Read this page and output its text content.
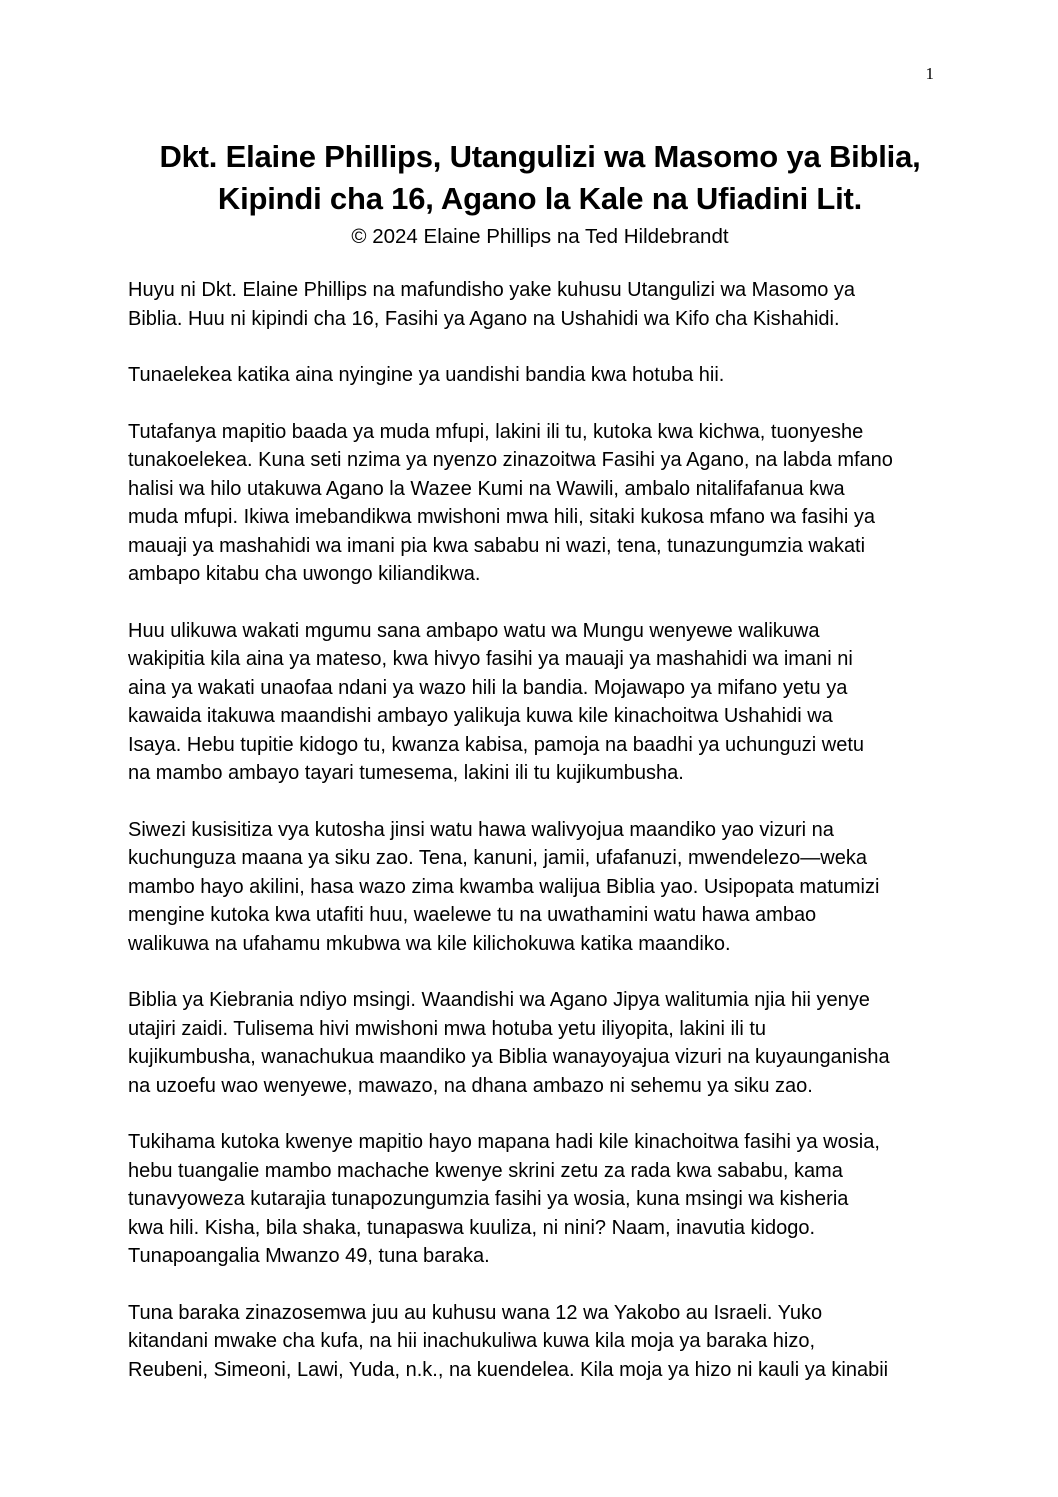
1
Dkt. Elaine Phillips, Utangulizi wa Masomo ya Biblia,
Kipindi cha 16, Agano la Kale na Ufiadini Lit.
© 2024 Elaine Phillips na Ted Hildebrandt

Huyu ni Dkt. Elaine Phillips na mafundisho yake kuhusu Utangulizi wa Masomo ya
Biblia. Huu ni kipindi cha 16, Fasihi ya Agano na Ushahidi wa Kifo cha Kishahidi.

Tunaelekea katika aina nyingine ya uandishi bandia kwa hotuba hii.

Tutafanya mapitio baada ya muda mfupi, lakini ili tu, kutoka kwa kichwa, tuonyeshe
tunakoelekea. Kuna seti nzima ya nyenzo zinazoitwa Fasihi ya Agano, na labda mfano
halisi wa hilo utakuwa Agano la Wazee Kumi na Wawili, ambalo nitalifafanua kwa
muda mfupi. Ikiwa imebandikwa mwishoni mwa hili, sitaki kukosa mfano wa fasihi ya
mauaji ya mashahidi wa imani pia kwa sababu ni wazi, tena, tunazungumzia wakati
ambapo kitabu cha uwongo kiliandikwa.

Huu ulikuwa wakati mgumu sana ambapo watu wa Mungu wenyewe walikuwa
wakipitia kila aina ya mateso, kwa hivyo fasihi ya mauaji ya mashahidi wa imani ni
aina ya wakati unaofaa ndani ya wazo hili la bandia. Mojawapo ya mifano yetu ya
kawaida itakuwa maandishi ambayo yalikuja kuwa kile kinachoitwa Ushahidi wa
Isaya. Hebu tupitie kidogo tu, kwanza kabisa, pamoja na baadhi ya uchunguzi wetu
na mambo ambayo tayari tumesema, lakini ili tu kujikumbusha.

Siwezi kusisitiza vya kutosha jinsi watu hawa walivyojua maandiko yao vizuri na
kuchunguza maana ya siku zao. Tena, kanuni, jamii, ufafanuzi, mwendelezo—weka
mambo hayo akilini, hasa wazo zima kwamba walijua Biblia yao. Usipopata matumizi
mengine kutoka kwa utafiti huu, waelewe tu na uwathamini watu hawa ambao
walikuwa na ufahamu mkubwa wa kile kilichokuwa katika maandiko.

Biblia ya Kiebrania ndiyo msingi. Waandishi wa Agano Jipya walitumia njia hii yenye
utajiri zaidi. Tulisema hivi mwishoni mwa hotuba yetu iliyopita, lakini ili tu
kujikumbusha, wanachukua maandiko ya Biblia wanayoyajua vizuri na kuyaunganisha
na uzoefu wao wenyewe, mawazo, na dhana ambazo ni sehemu ya siku zao.

Tukihama kutoka kwenye mapitio hayo mapana hadi kile kinachoitwa fasihi ya wosia,
hebu tuangalie mambo machache kwenye skrini zetu za rada kwa sababu, kama
tunavyoweza kutarajia tunapozungumzia fasihi ya wosia, kuna msingi wa kisheria
kwa hili. Kisha, bila shaka, tunapaswa kuuliza, ni nini? Naam, inavutia kidogo.
Tunapoangalia Mwanzo 49, tuna baraka.

Tuna baraka zinazosemwa juu au kuhusu wana 12 wa Yakobo au Israeli. Yuko
kitandani mwake cha kufa, na hii inachukuliwa kuwa kila moja ya baraka hizo,
Reubeni, Simeoni, Lawi, Yuda, n.k., na kuendelea. Kila moja ya hizo ni kauli ya kinabii
